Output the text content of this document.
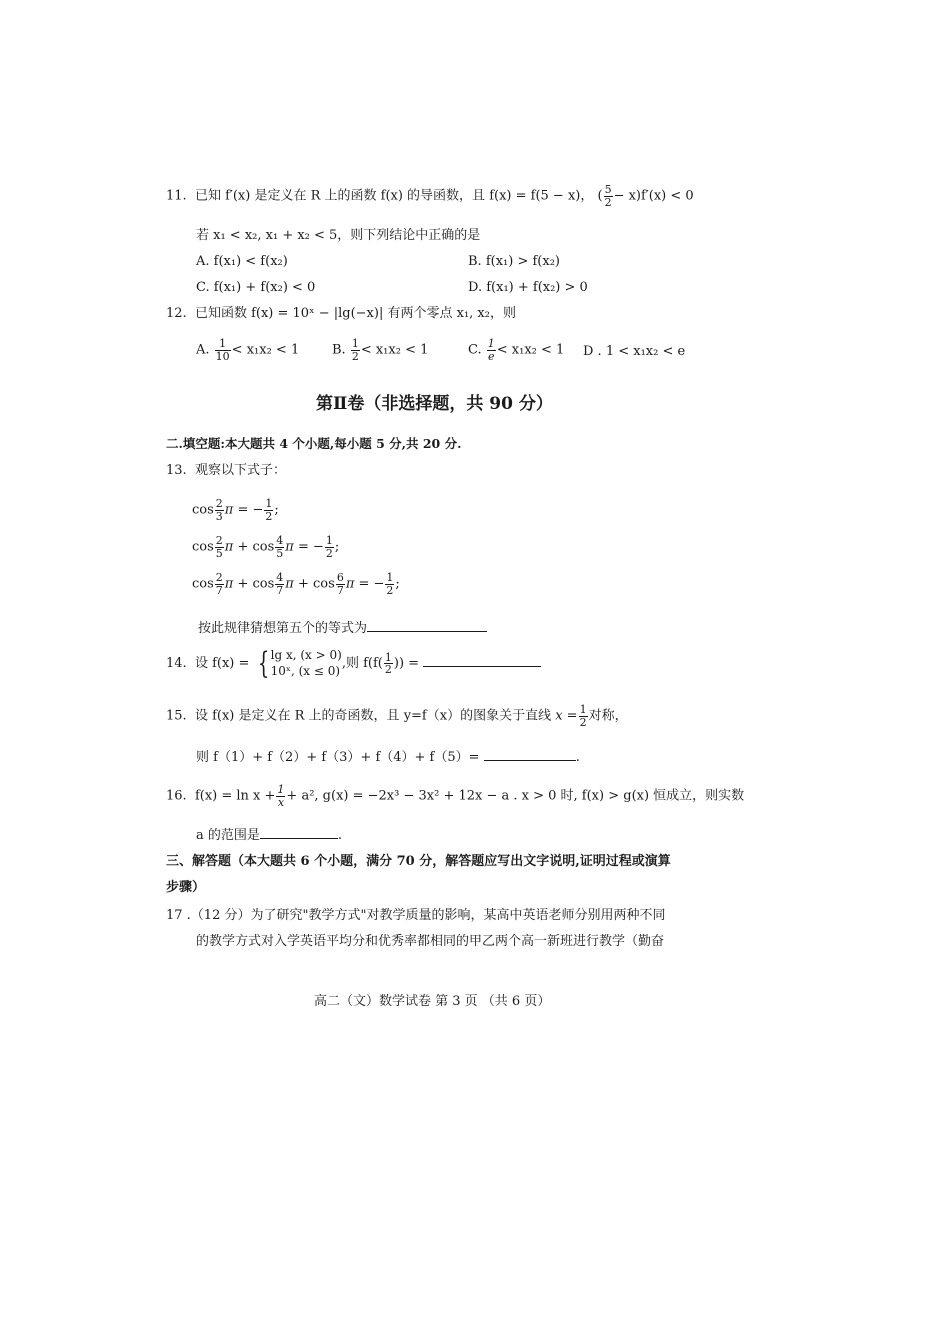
11. 已知 f′(x) 是定义在 R 上的函数 f(x) 的导函数，且 f(x) = f(5 − x)， ( $\frac{5}{2} - x)f'(x) < 0$
若 x₁ < x₂, x₁ + x₂ < 5，则下列结论中正确的是
A. f(x₁) < f(x₂)	B. f(x₁) > f(x₂)
C. f(x₁) + f(x₂) < 0	D. f(x₁) + f(x₂) > 0
12. 已知函数 f(x) = 10ˣ − |lg(−x)| 有两个零点 x₁, x₂，则
A. $\frac{1}{10} < x_1x_2 < 1$	B. $\frac{1}{2} < x_1x_2 < 1$	C. $\frac{1}{e} < x_1x_2 < 1$ D . 1 < x₁x₂ < e
第Ⅱ卷（非选择题，共 90 分）
二.填空题:本大题共 4 个小题,每小题 5 分,共 20 分.
13. 观察以下式子：
$\cos \frac{2}{3}$ π = − $\frac{1}{2}$ ;
$\cos \frac{2}{5}$ $\pi + \cos \frac{4}{5}$ π = − $\frac{1}{2}$ ;
$\cos \frac{2}{7}$ $\pi + \cos \frac{4}{7}$ $\pi + \cos \frac{6}{7}$ π = − $\frac{1}{2}$ ;
按此规律猜想第五个的等式为
14. 设 f(x) = { lg x, (x > 0)
10ˣ, (x ≤ 0) ,则 $f(f( \frac{1}{2}$ )) =
15. 设 f(x) 是定义在 R 上的奇函数，且 y=f（x）的图象关于直线 $x = \frac{1}{2}$ 对称，
则 f（1）+ f（2）+ f（3）+ f（4）+ f（5）=	.
16. $f(x) = \ln x + \frac{1}{x} + a^2$, g(x) = −2x³ − 3x² + 12x − a . x > 0 时, f(x) > g(x) 恒成立，则实数
a 的范围是	.
三、解答题（本大题共 6 个小题，满分 70 分，解答题应写出文字说明,证明过程或演算
步骤）
17 .（12 分）为了研究"教学方式"对教学质量的影响，某高中英语老师分别用两种不同
的教学方式对入学英语平均分和优秀率都相同的甲乙两个高一新班进行教学（勤奋
高二（文）数学试卷 第 3 页 （共 6 页）
